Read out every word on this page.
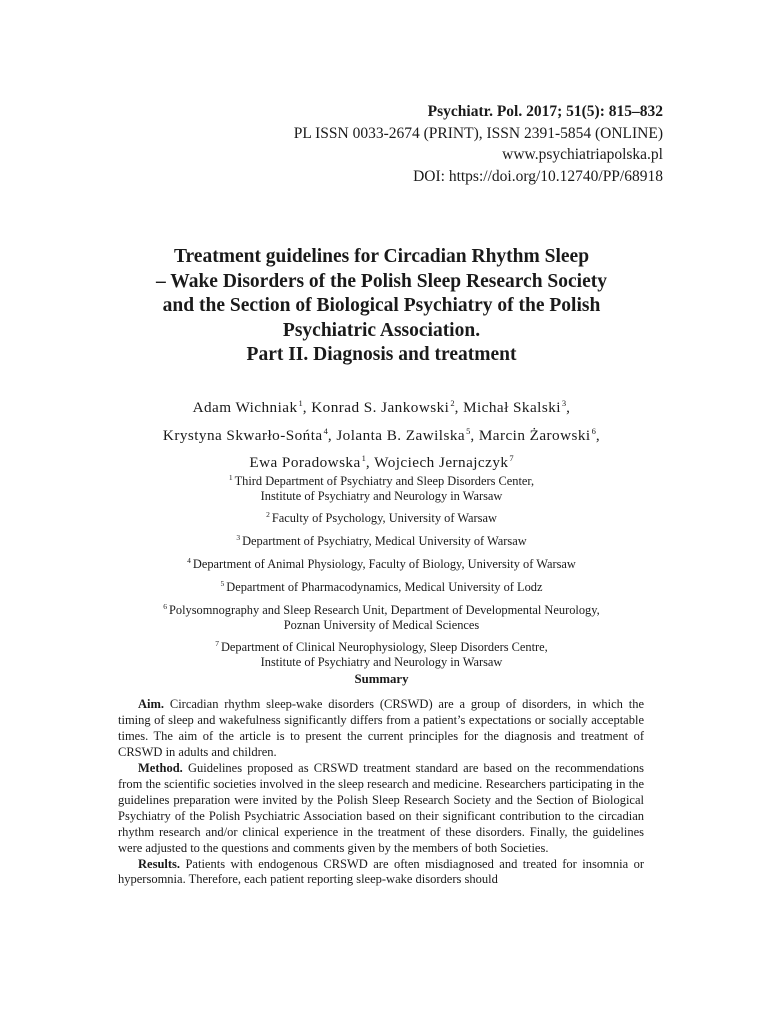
Psychiatr. Pol. 2017; 51(5): 815–832
PL ISSN 0033-2674 (PRINT), ISSN 2391-5854 (ONLINE)
www.psychiatriapolska.pl
DOI: https://doi.org/10.12740/PP/68918
Treatment guidelines for Circadian Rhythm Sleep
– Wake Disorders of the Polish Sleep Research Society
and the Section of Biological Psychiatry of the Polish
Psychiatric Association.
Part II. Diagnosis and treatment
Adam Wichniak$^1$, Konrad S. Jankowski$^2$, Michał Skalski$^3$,
Krystyna Skwarło-Sońta$^4$, Jolanta B. Zawilska$^5$, Marcin Żarowski$^6$,
Ewa Poradowska$^1$, Wojciech Jernajczyk$^7$
$^1$ Third Department of Psychiatry and Sleep Disorders Center,
Institute of Psychiatry and Neurology in Warsaw
$^2$ Faculty of Psychology, University of Warsaw
$^3$ Department of Psychiatry, Medical University of Warsaw
$^4$ Department of Animal Physiology, Faculty of Biology, University of Warsaw
$^5$ Department of Pharmacodynamics, Medical University of Lodz
$^6$ Polysomnography and Sleep Research Unit, Department of Developmental Neurology,
Poznan University of Medical Sciences
$^7$ Department of Clinical Neurophysiology, Sleep Disorders Centre,
Institute of Psychiatry and Neurology in Warsaw
Summary

Aim. Circadian rhythm sleep-wake disorders (CRSWD) are a group of disorders, in which the timing of sleep and wakefulness significantly differs from a patient’s expectations or socially acceptable times. The aim of the article is to present the current principles for the diagnosis and treatment of CRSWD in adults and children.

Method. Guidelines proposed as CRSWD treatment standard are based on the recommendations from the scientific societies involved in the sleep research and medicine. Researchers participating in the guidelines preparation were invited by the Polish Sleep Research Society and the Section of Biological Psychiatry of the Polish Psychiatric Association based on their significant contribution to the circadian rhythm research and/or clinical experience in the treatment of these disorders. Finally, the guidelines were adjusted to the questions and comments given by the members of both Societies.

Results. Patients with endogenous CRSWD are often misdiagnosed and treated for insomnia or hypersomnia. Therefore, each patient reporting sleep-wake disorders should
